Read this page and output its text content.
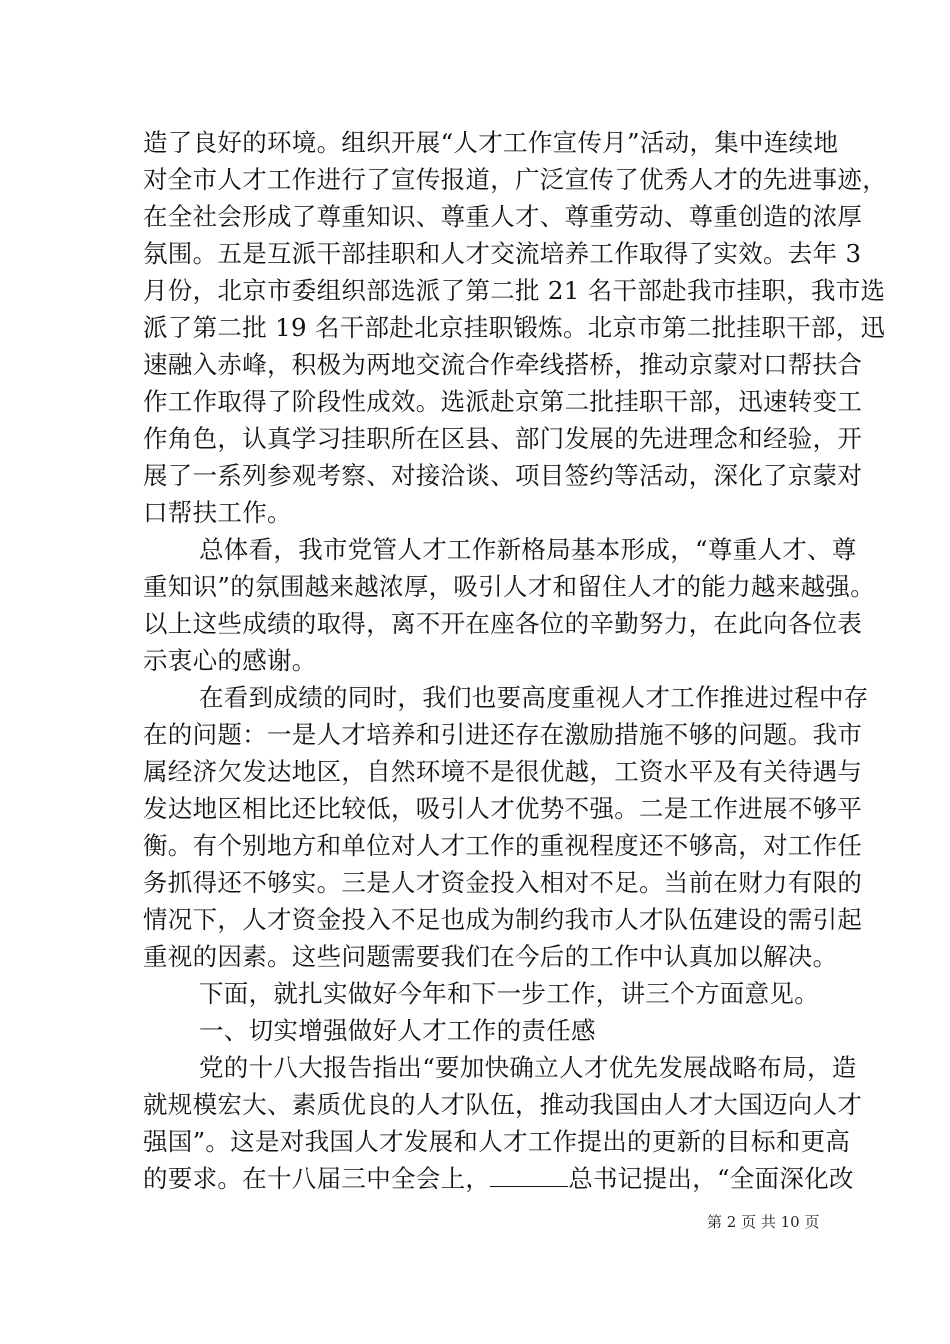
造了良好的环境。组织开展“人才工作宣传月”活动，集中连续地
对全市人才工作进行了宣传报道，广泛宣传了优秀人才的先进事迹，
在全社会形成了尊重知识、尊重人才、尊重劳动、尊重创造的浓厚
氛围。五是互派干部挂职和人才交流培养工作取得了实效。去年 3
月份，北京市委组织部选派了第二批 21 名干部赴我市挂职，我市选
派了第二批 19 名干部赴北京挂职锻炼。北京市第二批挂职干部，迅
速融入赤峰，积极为两地交流合作牵线搭桥，推动京蒙对口帮扶合
作工作取得了阶段性成效。选派赴京第二批挂职干部，迅速转变工
作角色，认真学习挂职所在区县、部门发展的先进理念和经验，开
展了一系列参观考察、对接洽谈、项目签约等活动，深化了京蒙对
口帮扶工作。
总体看，我市党管人才工作新格局基本形成，“尊重人才、尊
重知识”的氛围越来越浓厚，吸引人才和留住人才的能力越来越强。
以上这些成绩的取得，离不开在座各位的辛勤努力，在此向各位表
示衷心的感谢。
在看到成绩的同时，我们也要高度重视人才工作推进过程中存
在的问题：一是人才培养和引进还存在激励措施不够的问题。我市
属经济欠发达地区，自然环境不是很优越，工资水平及有关待遇与
发达地区相比还比较低，吸引人才优势不强。二是工作进展不够平
衡。有个别地方和单位对人才工作的重视程度还不够高，对工作任
务抓得还不够实。三是人才资金投入相对不足。当前在财力有限的
情况下，人才资金投入不足也成为制约我市人才队伍建设的需引起
重视的因素。这些问题需要我们在今后的工作中认真加以解决。
下面，就扎实做好今年和下一步工作，讲三个方面意见。
一、切实增强做好人才工作的责任感
党的十八大报告指出“要加快确立人才优先发展战略布局，造
就规模宏大、素质优良的人才队伍，推动我国由人才大国迈向人才
强国”。这是对我国人才发展和人才工作提出的更新的目标和更高
的要求。在十八届三中全会上，	总书记提出，“全面深化改
第 2 页 共 10 页
